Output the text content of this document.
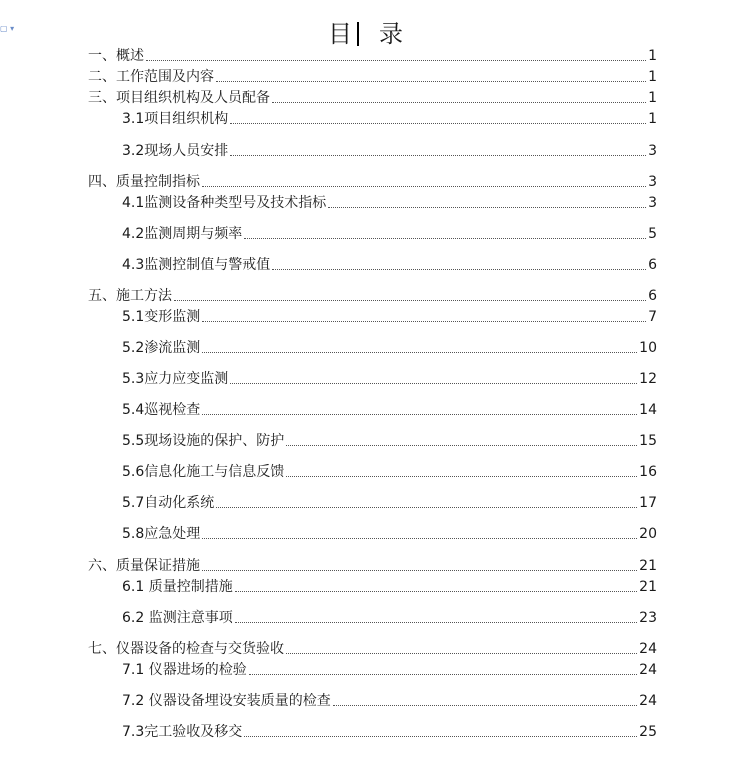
▢ ▾	目 录
一、概述	1
二、工作范围及内容	1
三、项目组织机构及人员配备	1
3.1项目组织机构	1
3.2现场人员安排	3
四、质量控制指标	3
4.1监测设备种类型号及技术指标	3
4.2监测周期与频率	5
4.3监测控制值与警戒值	6
五、施工方法	6
5.1变形监测	7
5.2渗流监测	10
5.3应力应变监测	12
5.4巡视检查	14
5.5现场设施的保护、防护	15
5.6信息化施工与信息反馈	16
5.7自动化系统	17
5.8应急处理	20
六、质量保证措施	21
6.1 质量控制措施	21
6.2 监测注意事项	23
七、仪器设备的检查与交货验收	24
7.1 仪器进场的检验	24
7.2 仪器设备埋设安装质量的检查	24
7.3完工验收及移交	25
